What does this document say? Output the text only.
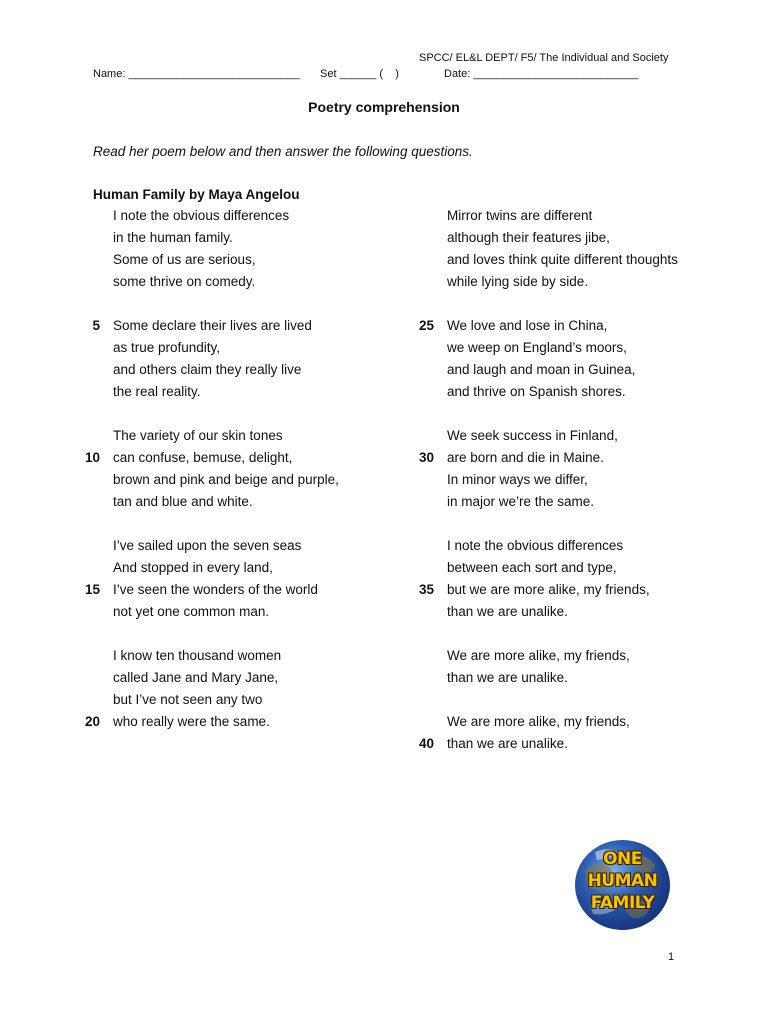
SPCC/ EL&L DEPT/ F5/ The Individual and Society
Name: ____________________________ Set ______ (    )	Date: ___________________________
Poetry comprehension
Read her poem below and then answer the following questions.
Human Family by Maya Angelou
I note the obvious differences
in the human family.
Some of us are serious,
some thrive on comedy.
Some declare their lives are lived
as true profundity,
and others claim they really live
the real reality.
The variety of our skin tones
can confuse, bemuse, delight,
brown and pink and beige and purple,
tan and blue and white.
I’ve sailed upon the seven seas
And stopped in every land,
I’ve seen the wonders of the world
not yet one common man.
I know ten thousand women
called Jane and Mary Jane,
but I’ve not seen any two
who really were the same.
5
10
15
20
Mirror twins are different
although their features jibe,
and loves think quite different thoughts
while lying side by side.
We love and lose in China,
we weep on England’s moors,
and laugh and moan in Guinea,
and thrive on Spanish shores.
We seek success in Finland,
are born and die in Maine.
In minor ways we differ,
in major we’re the same.
I note the obvious differences
between each sort and type,
but we are more alike, my friends,
than we are unalike.
We are more alike, my friends,
than we are unalike.
We are more alike, my friends,
than we are unalike.
25
30
35
40
ONE
HUMAN
FAMILY
1
